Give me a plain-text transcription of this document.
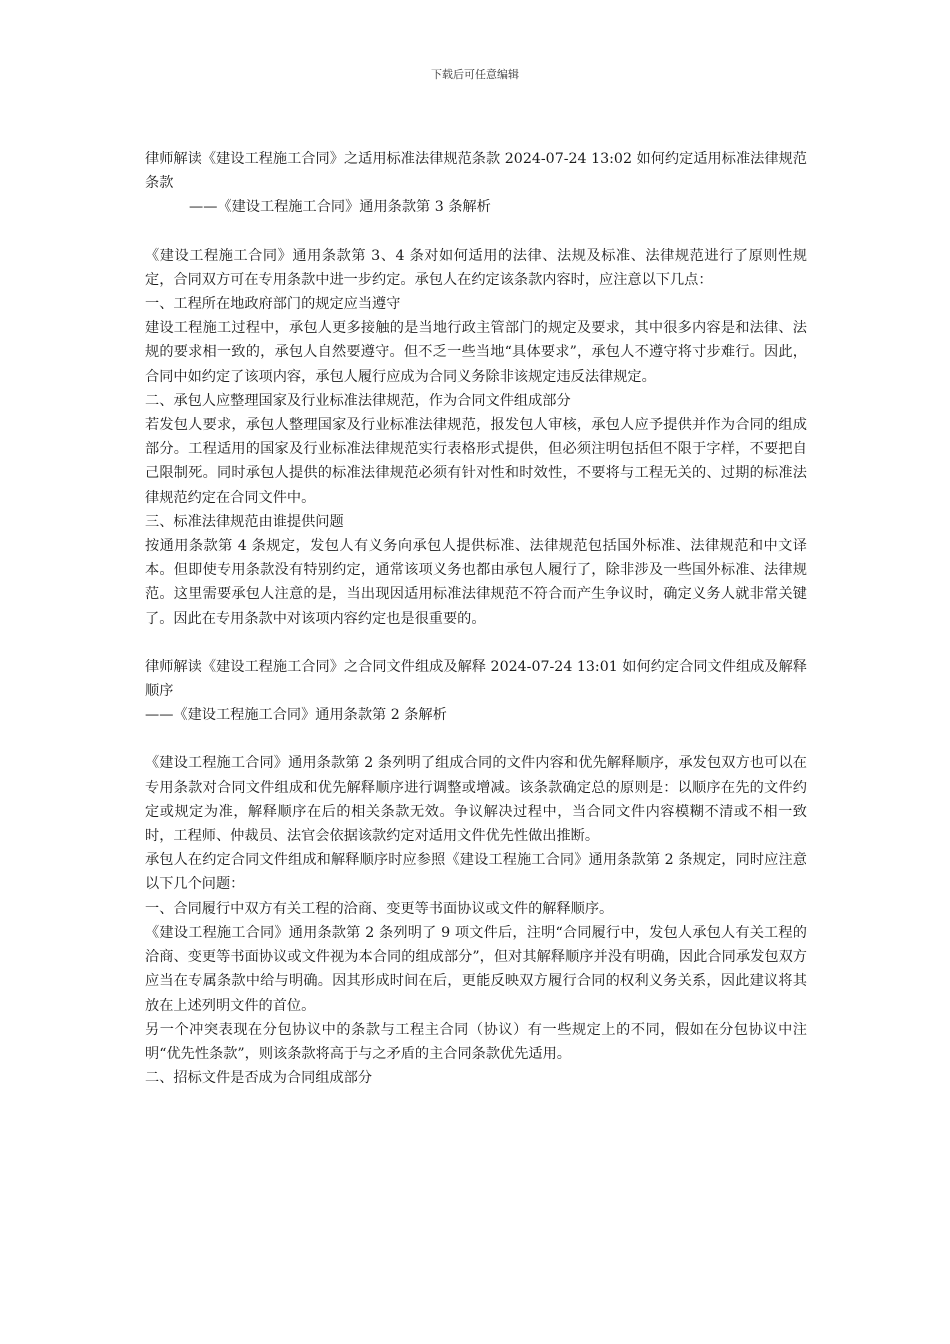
下载后可任意编辑

律师解读《建设工程施工合同》之适用标准法律规范条款 2024-07-24 13:02 如何约定适用标准法律规范条款

——《建设工程施工合同》通用条款第 3 条解析

《建设工程施工合同》通用条款第 3、4 条对如何适用的法律、法规及标准、法律规范进行了原则性规定，合同双方可在专用条款中进一步约定。承包人在约定该条款内容时，应注意以下几点：

一、工程所在地政府部门的规定应当遵守

建设工程施工过程中，承包人更多接触的是当地行政主管部门的规定及要求，其中很多内容是和法律、法规的要求相一致的，承包人自然要遵守。但不乏一些当地“具体要求”，承包人不遵守将寸步难行。因此，合同中如约定了该项内容，承包人履行应成为合同义务除非该规定违反法律规定。

二、承包人应整理国家及行业标准法律规范，作为合同文件组成部分

若发包人要求，承包人整理国家及行业标准法律规范，报发包人审核，承包人应予提供并作为合同的组成部分。工程适用的国家及行业标准法律规范实行表格形式提供，但必须注明包括但不限于字样，不要把自己限制死。同时承包人提供的标准法律规范必须有针对性和时效性，不要将与工程无关的、过期的标准法律规范约定在合同文件中。

三、标准法律规范由谁提供问题

按通用条款第 4 条规定，发包人有义务向承包人提供标准、法律规范包括国外标准、法律规范和中文译本。但即使专用条款没有特别约定，通常该项义务也都由承包人履行了，除非涉及一些国外标准、法律规范。这里需要承包人注意的是，当出现因适用标准法律规范不符合而产生争议时，确定义务人就非常关键了。因此在专用条款中对该项内容约定也是很重要的。

律师解读《建设工程施工合同》之合同文件组成及解释 2024-07-24 13:01 如何约定合同文件组成及解释顺序

——《建设工程施工合同》通用条款第 2 条解析

《建设工程施工合同》通用条款第 2 条列明了组成合同的文件内容和优先解释顺序，承发包双方也可以在专用条款对合同文件组成和优先解释顺序进行调整或增减。该条款确定总的原则是：以顺序在先的文件约定或规定为准，解释顺序在后的相关条款无效。争议解决过程中，当合同文件内容模糊不清或不相一致时，工程师、仲裁员、法官会依据该款约定对适用文件优先性做出推断。

承包人在约定合同文件组成和解释顺序时应参照《建设工程施工合同》通用条款第 2 条规定，同时应注意以下几个问题：

一、合同履行中双方有关工程的洽商、变更等书面协议或文件的解释顺序。

《建设工程施工合同》通用条款第 2 条列明了 9 项文件后，注明“合同履行中，发包人承包人有关工程的洽商、变更等书面协议或文件视为本合同的组成部分”，但对其解释顺序并没有明确，因此合同承发包双方应当在专属条款中给与明确。因其形成时间在后，更能反映双方履行合同的权利义务关系，因此建议将其放在上述列明文件的首位。

另一个冲突表现在分包协议中的条款与工程主合同（协议）有一些规定上的不同，假如在分包协议中注明“优先性条款”，则该条款将高于与之矛盾的主合同条款优先适用。

二、招标文件是否成为合同组成部分
